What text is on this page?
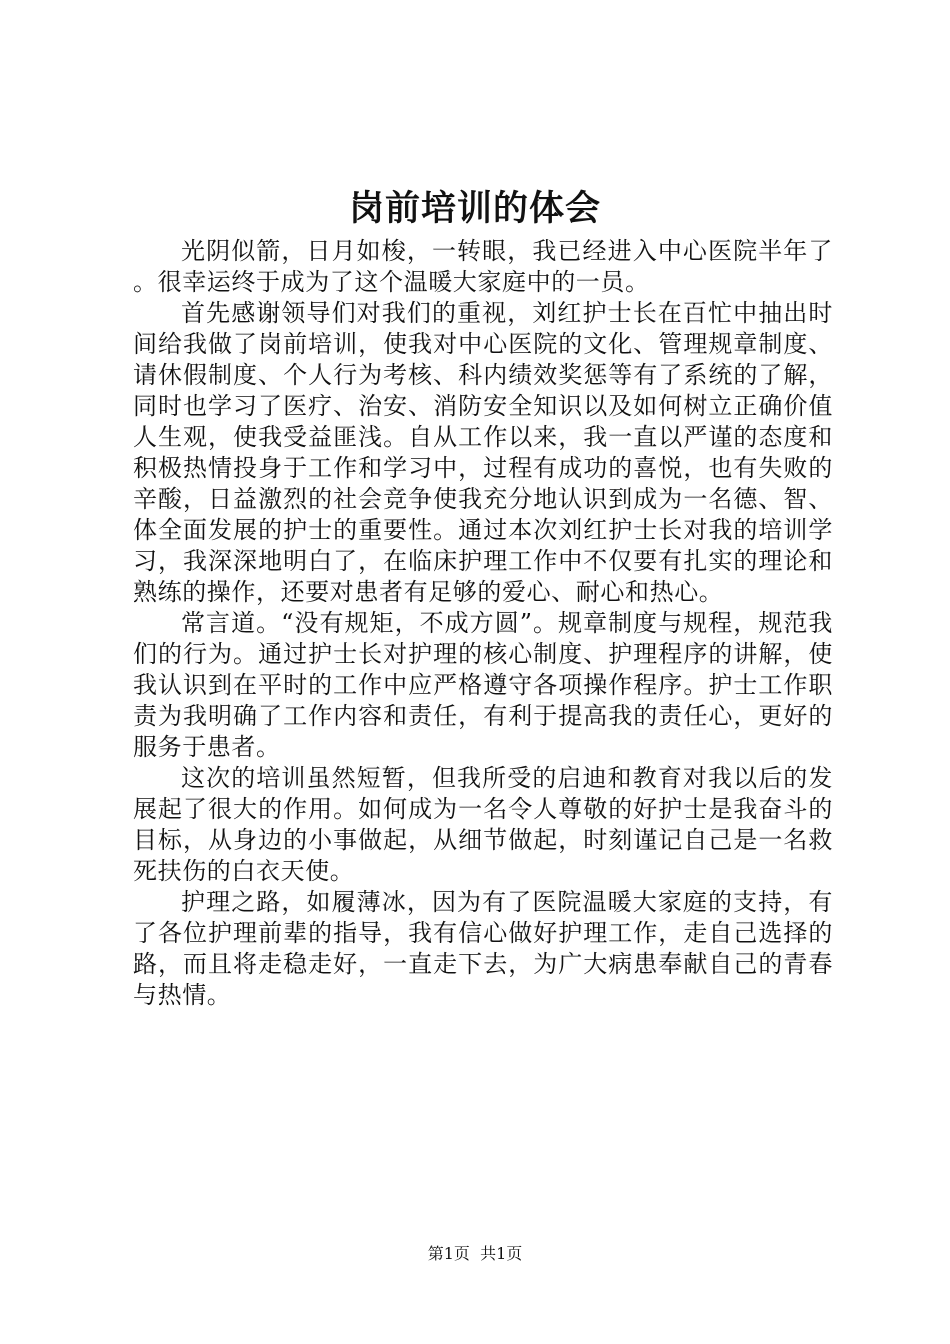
岗前培训的体会

光阴似箭，日月如梭，一转眼，我已经进入中心医院半年了。很幸运终于成为了这个温暖大家庭中的一员。

首先感谢领导们对我们的重视，刘红护士长在百忙中抽出时间给我做了岗前培训，使我对中心医院的文化、管理规章制度、请休假制度、个人行为考核、科内绩效奖惩等有了系统的了解，同时也学习了医疗、治安、消防安全知识以及如何树立正确价值人生观，使我受益匪浅。自从工作以来，我一直以严谨的态度和积极热情投身于工作和学习中，过程有成功的喜悦，也有失败的辛酸，日益激烈的社会竞争使我充分地认识到成为一名德、智、体全面发展的护士的重要性。通过本次刘红护士长对我的培训学习，我深深地明白了，在临床护理工作中不仅要有扎实的理论和熟练的操作，还要对患者有足够的爱心、耐心和热心。

常言道。“没有规矩，不成方圆”。规章制度与规程，规范我们的行为。通过护士长对护理的核心制度、护理程序的讲解，使我认识到在平时的工作中应严格遵守各项操作程序。护士工作职责为我明确了工作内容和责任，有利于提高我的责任心，更好的服务于患者。

这次的培训虽然短暂，但我所受的启迪和教育对我以后的发展起了很大的作用。如何成为一名令人尊敬的好护士是我奋斗的目标，从身边的小事做起，从细节做起，时刻谨记自己是一名救死扶伤的白衣天使。

护理之路，如履薄冰，因为有了医院温暖大家庭的支持，有了各位护理前辈的指导，我有信心做好护理工作，走自己选择的路，而且将走稳走好，一直走下去，为广大病患奉献自己的青春与热情。

第1页  共1页
